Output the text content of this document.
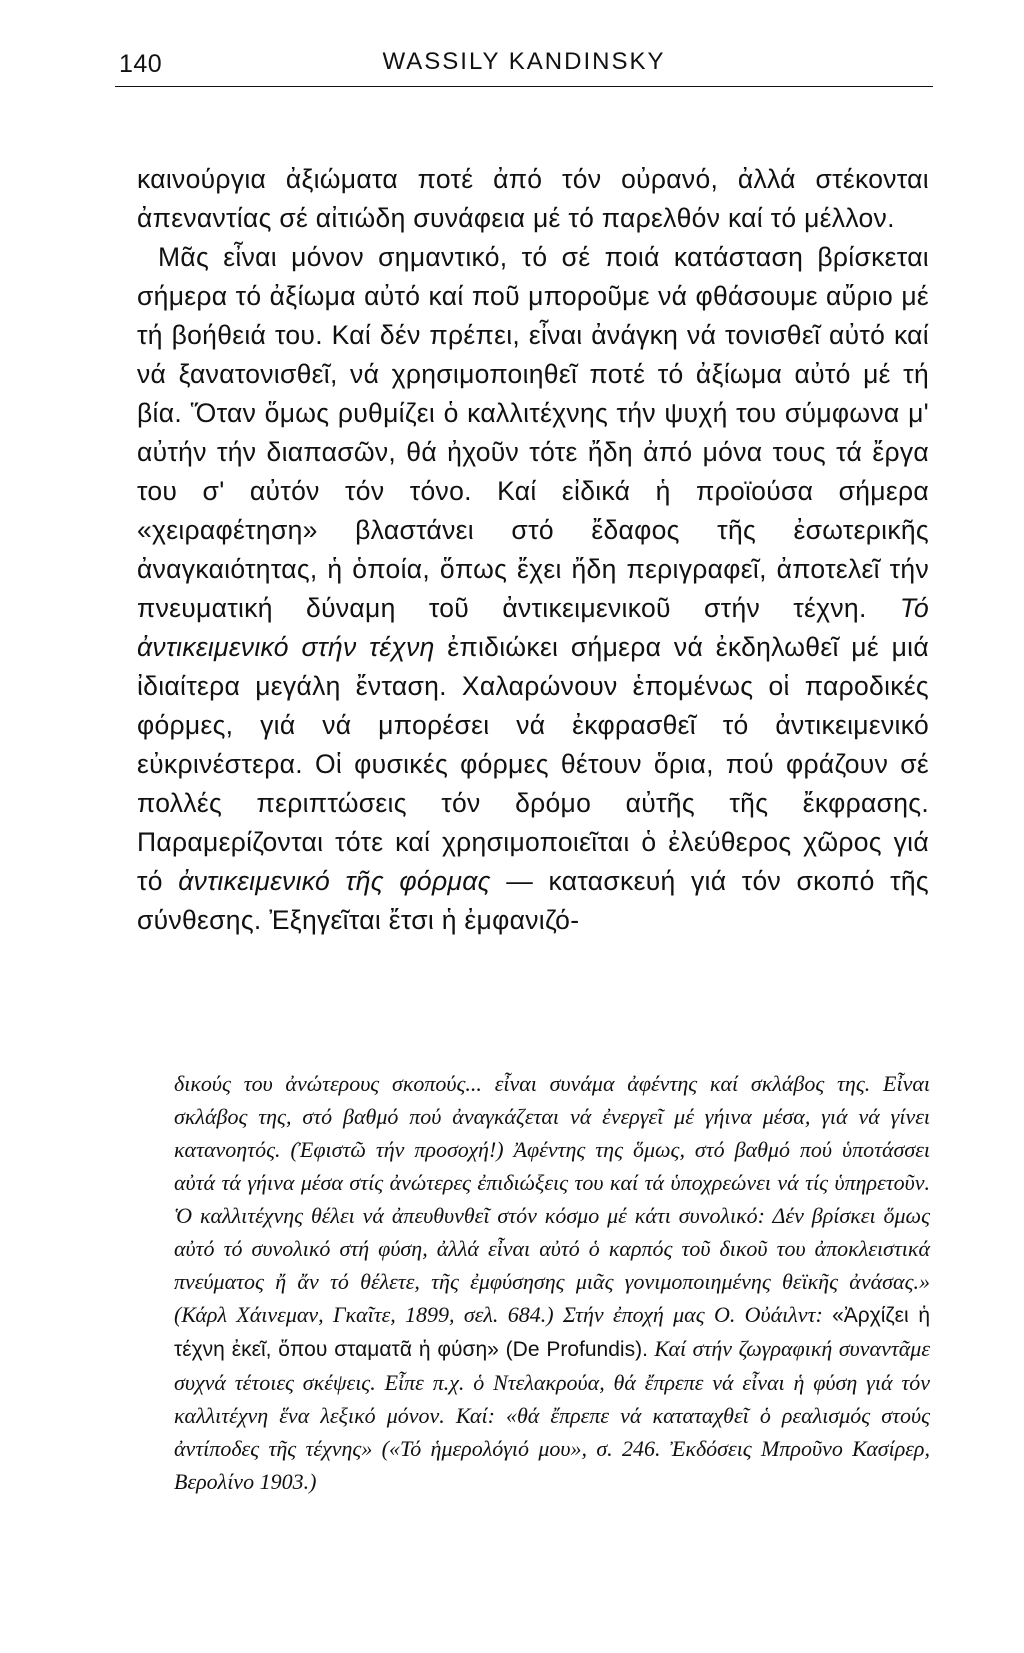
140	WASSILY KANDINSKY

καινούργια ἀξιώματα ποτέ ἀπό τόν οὐρανό, ἀλλά στέκονται ἀπεναντίας σέ αἰτιώδη συνάφεια μέ τό παρελθόν καί τό μέλλον.

Μᾶς εἶναι μόνον σημαντικό, τό σέ ποιά κατάσταση βρίσκεται σήμερα τό ἀξίωμα αὐτό καί ποῦ μποροῦμε νά φθάσουμε αὔριο μέ τή βοήθειά του. Καί δέν πρέπει, εἶναι ἀνάγκη νά τονισθεῖ αὐτό καί νά ξανατονισθεῖ, νά χρησιμοποιηθεῖ ποτέ τό ἀξίωμα αὐτό μέ τή βία. Ὅταν ὅμως ρυθμίζει ὁ καλλιτέχνης τήν ψυχή του σύμφωνα μ' αὐτήν τήν διαπασῶν, θά ἠχοῦν τότε ἤδη ἀπό μόνα τους τά ἔργα του σ' αὐτόν τόν τόνο. Καί εἰδικά ἡ προϊούσα σήμερα «χειραφέτηση» βλαστάνει στό ἔδαφος τῆς ἐσωτερικῆς ἀναγκαιότητας, ἡ ὁποία, ὅπως ἔχει ἤδη περιγραφεῖ, ἀποτελεῖ τήν πνευματική δύναμη τοῦ ἀντικειμενικοῦ στήν τέχνη. Τό ἀντικειμενικό στήν τέχνη ἐπιδιώκει σήμερα νά ἐκδηλωθεῖ μέ μιά ἰδιαίτερα μεγάλη ἔνταση. Χαλαρώνουν ἑπομένως οἱ παροδικές φόρμες, γιά νά μπορέσει νά ἐκφρασθεῖ τό ἀντικειμενικό εὐκρινέστερα. Οἱ φυσικές φόρμες θέτουν ὅρια, πού φράζουν σέ πολλές περιπτώσεις τόν δρόμο αὐτῆς τῆς ἔκφρασης. Παραμερίζονται τότε καί χρησιμοποιεῖται ὁ ἐλεύθερος χῶρος γιά τό ἀντικειμενικό τῆς φόρμας — κατασκευή γιά τόν σκοπό τῆς σύνθεσης. Ἐξηγεῖται ἔτσι ἡ ἐμφανιζό-

δικούς του ἀνώτερους σκοπούς... εἶναι συνάμα ἀφέντης καί σκλάβος της. Εἶναι σκλάβος της, στό βαθμό πού ἀναγκάζεται νά ἐνεργεῖ μέ γήινα μέσα, γιά νά γίνει κατανοητός. (Ἐφιστῶ τήν προσοχή!) Ἀφέντης της ὅμως, στό βαθμό πού ὑποτάσσει αὐτά τά γήινα μέσα στίς ἀνώτερες ἐπιδιώξεις του καί τά ὑποχρεώνει νά τίς ὑπηρετοῦν. Ὁ καλλιτέχνης θέλει νά ἀπευθυνθεῖ στόν κόσμο μέ κάτι συνολικό: Δέν βρίσκει ὅμως αὐτό τό συνολικό στή φύση, ἀλλά εἶναι αὐτό ὁ καρπός τοῦ δικοῦ του ἀποκλειστικά πνεύματος ἤ ἄν τό θέλετε, τῆς ἐμφύσησης μιᾶς γονιμοποιημένης θεϊκῆς ἀνάσας.» (Κάρλ Χάινεμαν, Γκαῖτε, 1899, σελ. 684.) Στήν ἐποχή μας Ο. Οὐάιλντ: «Ἀρχίζει ἡ τέχνη ἐκεῖ, ὅπου σταματᾶ ἡ φύση» (De Profundis). Καί στήν ζωγραφική συναντᾶμε συχνά τέτοιες σκέψεις. Εἶπε π.χ. ὁ Ντελακρούα, θά ἔπρεπε νά εἶναι ἡ φύση γιά τόν καλλιτέχνη ἕνα λεξικό μόνον. Καί: «θά ἔπρεπε νά καταταχθεῖ ὁ ρεαλισμός στούς ἀντίποδες τῆς τέχνης» («Τό ἡμερολόγιό μου», σ. 246. Ἐκδόσεις Μπροῦνο Κασίρερ, Βερολίνο 1903.)
